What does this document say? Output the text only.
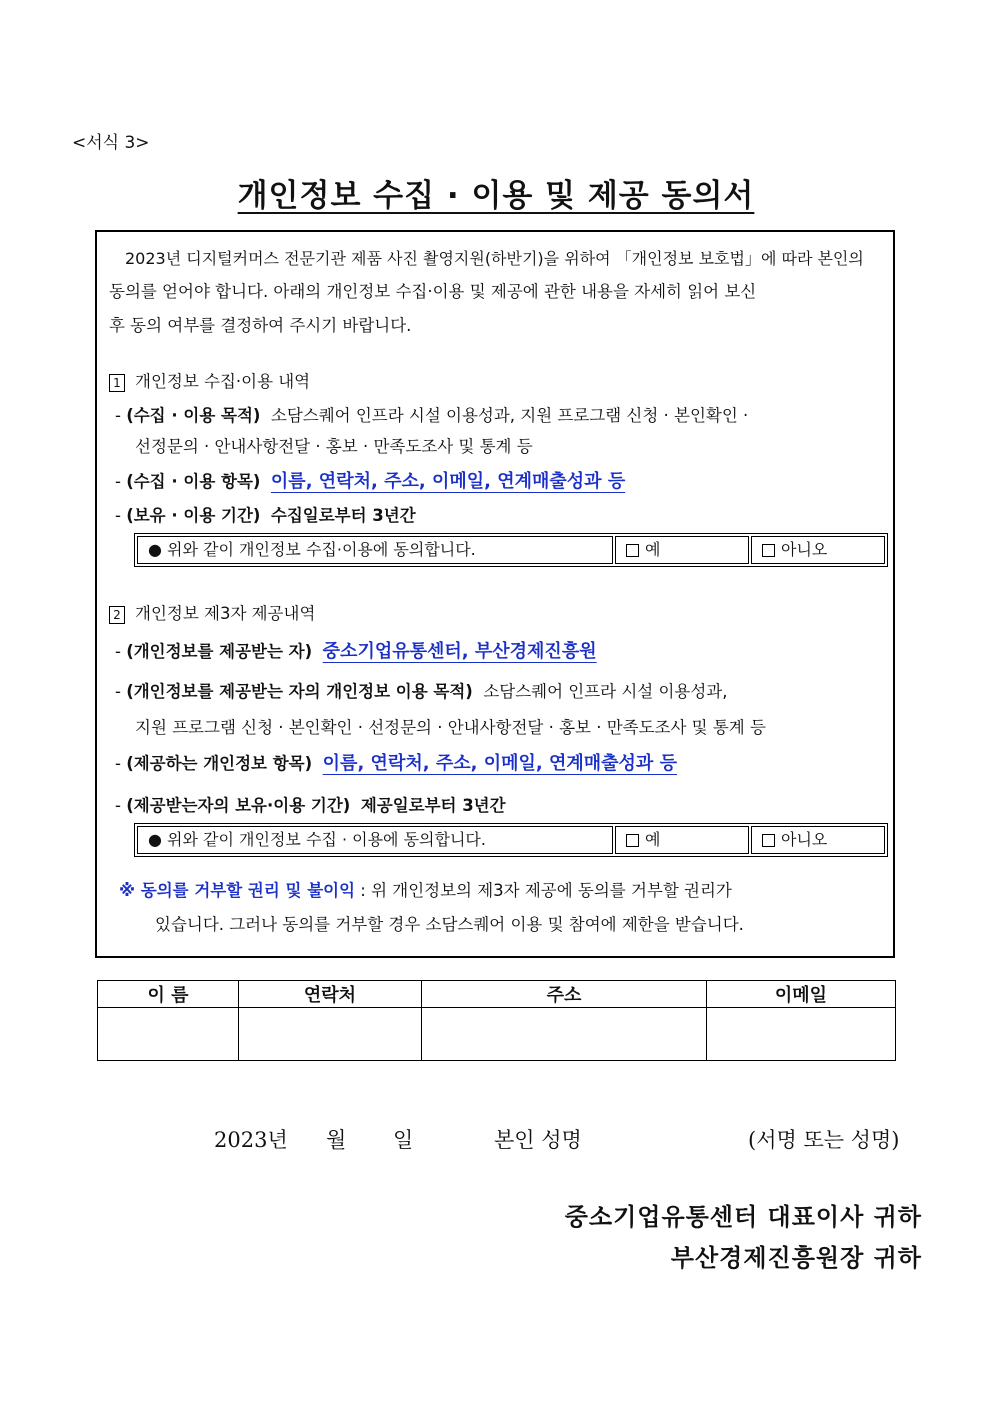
<서식 3>
개인정보 수집 · 이용 및 제공 동의서
2023년 디지털커머스 전문기관 제품 사진 촬영지원(하반기)을 위하여 「개인정보 보호법」에 따라 본인의
동의를 얻어야 합니다. 아래의 개인정보 수집·이용 및 제공에 관한 내용을 자세히 읽어 보신
후 동의 여부를 결정하여 주시기 바랍니다.
1 개인정보 수집·이용 내역
- (수집 · 이용 목적) 소담스퀘어 인프라 시설 이용성과, 지원 프로그램 신청 · 본인확인 ·
선정문의 · 안내사항전달 · 홍보 · 만족도조사 및 통계 등
- (수집 · 이용 항목) 이름, 연락처, 주소, 이메일, 연계매출성과 등
- (보유 · 이용 기간) 수집일로부터 3년간
● 위와 같이 개인정보 수집·이용에 동의합니다.	예	아니오
2 개인정보 제3자 제공내역
- (개인정보를 제공받는 자) 중소기업유통센터, 부산경제진흥원
- (개인정보를 제공받는 자의 개인정보 이용 목적) 소담스퀘어 인프라 시설 이용성과,
지원 프로그램 신청 · 본인확인 · 선정문의 · 안내사항전달 · 홍보 · 만족도조사 및 통계 등
- (제공하는 개인정보 항목) 이름, 연락처, 주소, 이메일, 연계매출성과 등
- (제공받는자의 보유·이용 기간) 제공일로부터 3년간
● 위와 같이 개인정보 수집 · 이용에 동의합니다.	예	아니오
※ 동의를 거부할 권리 및 불이익 : 위 개인정보의 제3자 제공에 동의를 거부할 권리가
있습니다. 그러나 동의를 거부할 경우 소담스퀘어 이용 및 참여에 제한을 받습니다.
이 름	연락처	주소	이메일

2023년 월 일	본인 성명	(서명 또는 성명)
중소기업유통센터 대표이사 귀하
부산경제진흥원장 귀하
